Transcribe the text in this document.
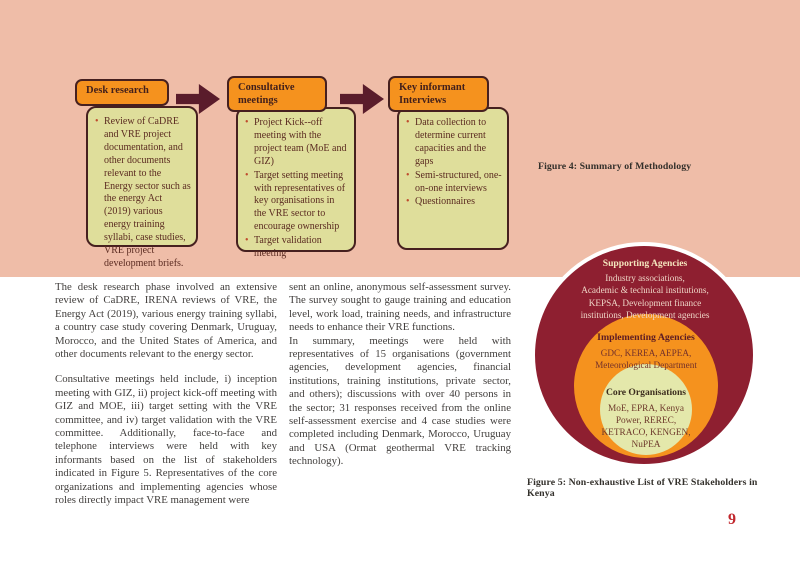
Desk research
• Review of CaDRE and VRE project documentation, and other documents relevant to the Energy sector such as the energy Act (2019) various energy training syllabi, case studies, VRE project development briefs.
Consultative meetings
• Project Kick--off meeting with the project team (MoE and GIZ)
• Target setting meeting with representatives of key organisations in the VRE sector to encourage ownership
• Target validation meeting
Key informant Interviews
• Data collection to determine current capacities and the gaps
• Semi-structured, one-on-one interviews
• Questionnaires
Figure 4: Summary of Methodology

The desk research phase involved an extensive review of CaDRE, IRENA reviews of VRE, the Energy Act (2019), various energy training syllabi, a country case study covering Denmark, Uruguay, Morocco, and the United States of America, and other documents relevant to the energy sector.

Consultative meetings held include, i) inception meeting with GIZ, ii) project kick-off meeting with GIZ and MOE, iii) target setting with the VRE committee, and iv) target validation with the VRE committee. Additionally, face-to-face and telephone interviews were held with key informants based on the list of stakeholders indicated in Figure 5. Representatives of the core organizations and implementing agencies whose roles directly impact VRE management were

sent an online, anonymous self-assessment survey. The survey sought to gauge training and education level, work load, training needs, and infrastructure needs to enhance their VRE functions.

In summary, meetings were held with representatives of 15 organisations (government agencies, development agencies, financial institutions, training institutions, private sector, and others); discussions with over 40 persons in the sector; 31 responses received from the online self-assessment exercise and 4 case studies were completed including Denmark, Morocco, Uruguay and USA (Ormat geothermal VRE tracking technology).

Supporting Agencies
Industry associations,
Academic & technical institutions,
KEPSA, Development finance
institutions, Development agencies
Implementing Agencies
GDC, KEREA, AEPEA,
Meteorological Department
Core Organisations
MoE, EPRA, Kenya
Power, REREC,
KETRACO, KENGEN,
NuPEA
Figure 5: Non-exhaustive List of VRE Stakeholders in Kenya
9
